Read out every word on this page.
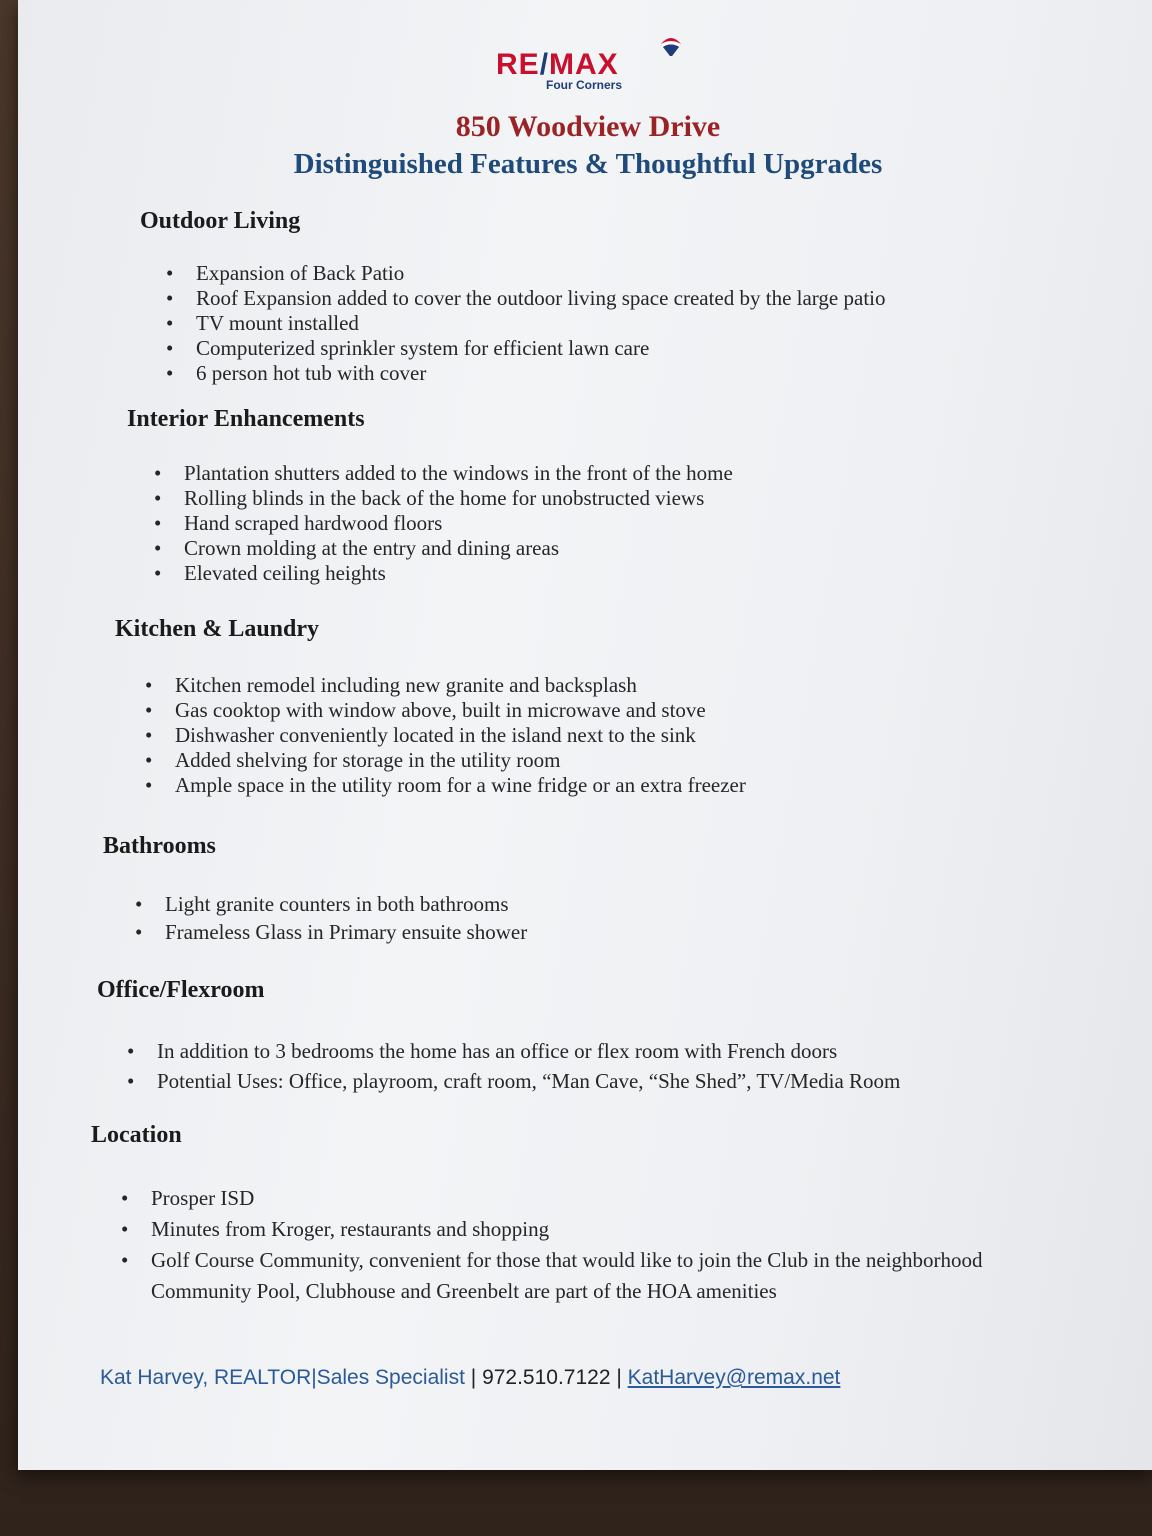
RE/MAX
Four Corners
850 Woodview Drive
Distinguished Features & Thoughtful Upgrades
Outdoor Living
• Expansion of Back Patio
• Roof Expansion added to cover the outdoor living space created by the large patio
• TV mount installed
• Computerized sprinkler system for efficient lawn care
• 6 person hot tub with cover
Interior Enhancements
• Plantation shutters added to the windows in the front of the home
• Rolling blinds in the back of the home for unobstructed views
• Hand scraped hardwood floors
• Crown molding at the entry and dining areas
• Elevated ceiling heights
Kitchen & Laundry
• Kitchen remodel including new granite and backsplash
• Gas cooktop with window above, built in microwave and stove
• Dishwasher conveniently located in the island next to the sink
• Added shelving for storage in the utility room
• Ample space in the utility room for a wine fridge or an extra freezer
Bathrooms
• Light granite counters in both bathrooms
• Frameless Glass in Primary ensuite shower
Office/Flexroom
• In addition to 3 bedrooms the home has an office or flex room with French doors
• Potential Uses: Office, playroom, craft room, “Man Cave, “She Shed”, TV/Media Room
Location
• Prosper ISD
• Minutes from Kroger, restaurants and shopping
• Golf Course Community, convenient for those that would like to join the Club in the neighborhood Community Pool, Clubhouse and Greenbelt are part of the HOA amenities
Kat Harvey, REALTOR|Sales Specialist | 972.510.7122 | KatHarvey@remax.net
